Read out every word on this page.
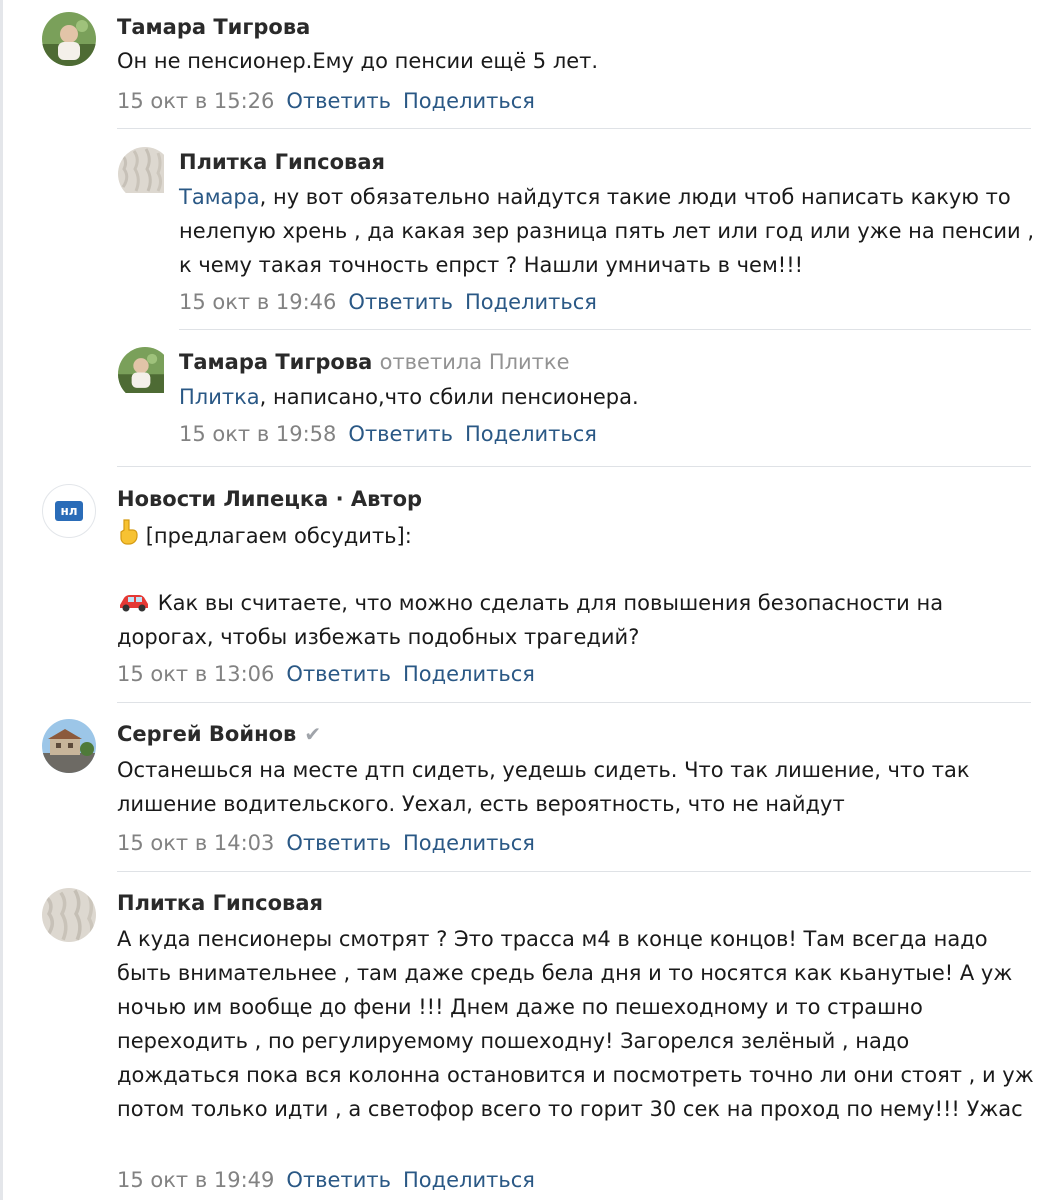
Тамара Тигрова
Он не пенсионер.Ему до пенсии ещё 5 лет.
15 окт в 15:26 Ответить Поделиться
Плитка Гипсовая
Тамара, ну вот обязательно найдутся такие люди чтоб написать какую то нелепую хрень , да какая зер разница пять лет или год или уже на пенсии , к чему такая точность епрст ? Нашли умничать в чем!!!
15 окт в 19:46 Ответить Поделиться
Тамара Тигрова ответила Плитке
Плитка, написано,что сбили пенсионера.
15 окт в 19:58 Ответить Поделиться
нл Новости Липецка · Автор
[предлагаем обсудить]:
Как вы считаете, что можно сделать для повышения безопасности на дорогах, чтобы избежать подобных трагедий?
15 окт в 13:06 Ответить Поделиться
Сергей Войнов ✔
Останешься на месте дтп сидеть, уедешь сидеть. Что так лишение, что так лишение водительского. Уехал, есть вероятность, что не найдут
15 окт в 14:03 Ответить Поделиться
Плитка Гипсовая
А куда пенсионеры смотрят ? Это трасса м4 в конце концов! Там всегда надо быть внимательнее , там даже средь бела дня и то носятся как кьанутые! А уж ночью им вообще до фени !!! Днем даже по пешеходному и то страшно переходить , по регулируемому пошеходну! Загорелся зелёный , надо дождаться пока вся колонна остановится и посмотреть точно ли они стоят , и уж потом только идти , а светофор всего то горит 30 сек на проход по нему!!! Ужас
15 окт в 19:49 Ответить Поделиться
